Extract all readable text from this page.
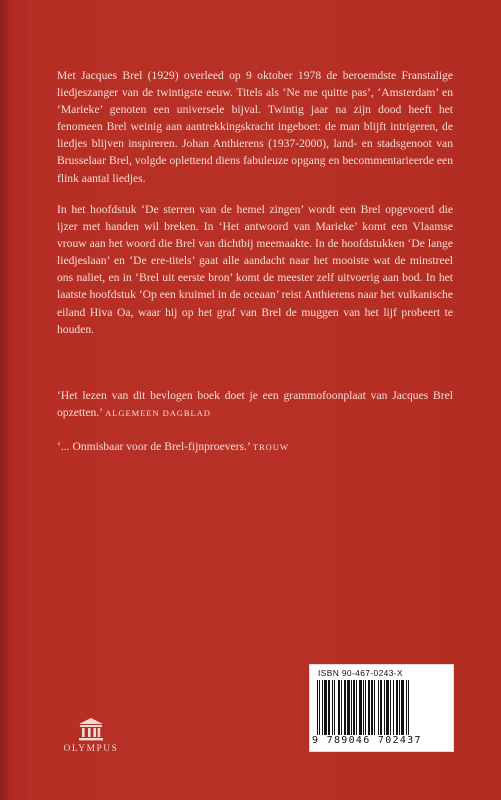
Met Jacques Brel (1929) overleed op 9 oktober 1978 de beroemdste Franstalige liedjeszanger van de twintigste eeuw. Titels als ‘Ne me quitte pas’, ‘Amsterdam’ en ‘Marieke’ genoten een universele bijval. Twintig jaar na zijn dood heeft het fenomeen Brel weinig aan aantrekkingskracht ingeboet: de man blijft intrigeren, de liedjes blijven inspireren. Johan Anthierens (1937-2000), land- en stadsgenoot van Brusselaar Brel, volgde oplettend diens fabuleuze opgang en becommentarieerde een flink aantal liedjes.

In het hoofdstuk ‘De sterren van de hemel zingen’ wordt een Brel opgevoerd die ijzer met handen wil breken. In ‘Het antwoord van Marieke’ komt een Vlaamse vrouw aan het woord die Brel van dichtbij meemaakte. In de hoofdstukken ‘De lange liedjeslaan’ en ‘De ere-titels’ gaat alle aandacht naar het mooiste wat de minstreel ons naliet, en in ‘Brel uit eerste bron’ komt de meester zelf uitvoerig aan bod. In het laatste hoofdstuk ‘Op een kruimel in de oceaan’ reist Anthierens naar het vulkanische eiland Hiva Oa, waar hij op het graf van Brel de muggen van het lijf probeert te houden.

‘Het lezen van dit bevlogen boek doet je een grammofoonplaat van Jacques Brel opzetten.’ ALGEMEEN DAGBLAD

‘... Onmisbaar voor de Brel-fijnproevers.’ TROUW

ISBN 90-467-0243-X
9 789046 702437
OLYMPUS
